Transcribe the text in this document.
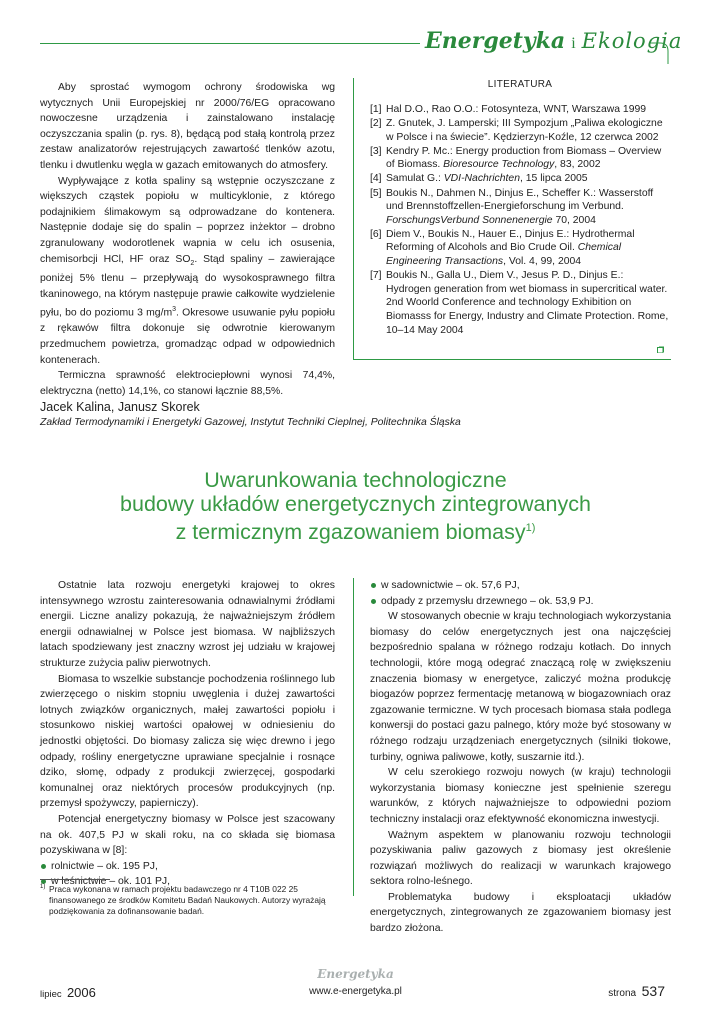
Energetyka i Ekologia

Aby sprostać wymogom ochrony środowiska wg wytycznych Unii Europejskiej nr 2000/76/EG opracowano nowoczesne urządzenia i zainstalowano instalację oczyszczania spalin (p. rys. 8), będącą pod stałą kontrolą przez zestaw analizatorów rejestrujących zawartość tlenków azotu, tlenku i dwutlenku węgla w gazach emitowanych do atmosfery.

Wypływające z kotła spaliny są wstępnie oczyszczane z większych cząstek popiołu w multicyklonie, z którego podajnikiem ślimakowym są odprowadzane do kontenera. Następnie dodaje się do spalin – poprzez inżektor – drobno zgranulowany wodorotlenek wapnia w celu ich osusenia, chemisorbcji HCl, HF oraz $SO_2$. Stąd spaliny – zawierające poniżej 5% tlenu – przepływają do wysokosprawnego filtra tkaninowego, na którym następuje prawie całkowite wydzielenie pyłu, bo do poziomu 3 $mg/m^3$. Okresowe usuwanie pyłu popiołu z rękawów filtra dokonuje się odwrotnie kierowanym przedmuchem powietrza, gromadząc odpad w odpowiednich kontenerach.

Termiczna sprawność elektrociepłowni wynosi 74,4%, elektryczna (netto) 14,1%, co stanowi łącznie 88,5%.

LITERATURA
[1] Hal D.O., Rao O.O.: Fotosynteza, WNT, Warszawa 1999
[2] Z. Gnutek, J. Lamperski; III Sympozjum „Paliwa ekologiczne w Polsce i na świecie”. Kędzierzyn-Koźle, 12 czerwca 2002
[3] Kendry P. Mc.: Energy production from Biomass – Overview of Biomass. Bioresource Technology, 83, 2002
[4] Samulat G.: VDI-Nachrichten, 15 lipca 2005
[5] Boukis N., Dahmen N., Dinjus E., Scheffer K.: Wasserstoff und Brennstoffzellen-Energieforschung im Verbund. ForschungsVerbund Sonnenenergie 70, 2004
[6] Diem V., Boukis N., Hauer E., Dinjus E.: Hydrothermal Reforming of Alcohols and Bio Crude Oil. Chemical Engineering Transactions, Vol. 4, 99, 2004
[7] Boukis N., Galla U., Diem V., Jesus P. D., Dinjus E.: Hydrogen generation from wet biomass in supercritical water. 2nd Woorld Conference and technology Exhibition on Biomasss for Energy, Industry and Climate Protection. Rome, 10–14 May 2004
Jacek Kalina, Janusz Skorek
Zakład Termodynamiki i Energetyki Gazowej, Instytut Techniki Cieplnej, Politechnika Śląska
Uwarunkowania technologiczne
budowy układów energetycznych zintegrowanych
z termicznym zgazowaniem biomasy$^{1)}$

Ostatnie lata rozwoju energetyki krajowej to okres intensywnego wzrostu zainteresowania odnawialnymi źródłami energii. Liczne analizy pokazują, że najważniejszym źródłem energii odnawialnej w Polsce jest biomasa. W najbliższych latach spodziewany jest znaczny wzrost jej udziału w krajowej strukturze zużycia paliw pierwotnych.

Biomasa to wszelkie substancje pochodzenia roślinnego lub zwierzęcego o niskim stopniu uwęglenia i dużej zawartości lotnych związków organicznych, małej zawartości popiołu i stosunkowo niskiej wartości opałowej w odniesieniu do jednostki objętości. Do biomasy zalicza się więc drewno i jego odpady, rośliny energetyczne uprawiane specjalnie i rosnące dziko, słomę, odpady z produkcji zwierzęcej, gospodarki komunalnej oraz niektórych procesów produkcyjnych (np. przemysł spożywczy, papierniczy).

Potencjał energetyczny biomasy w Polsce jest szacowany na ok. 407,5 PJ w skali roku, na co składa się biomasa pozyskiwana w [8]:

rolnictwie – ok. 195 PJ,
w leśnictwie – ok. 101 PJ,
w sadownictwie – ok. 57,6 PJ,
odpady z przemysłu drzewnego – ok. 53,9 PJ.

W stosowanych obecnie w kraju technologiach wykorzystania biomasy do celów energetycznych jest ona najczęściej bezpośrednio spalana w różnego rodzaju kotłach. Do innych technologii, które mogą odegrać znaczącą rolę w zwiększeniu znaczenia biomasy w energetyce, zaliczyć można produkcję biogazów poprzez fermentację metanową w biogazowniach oraz zgazowanie termiczne. W tych procesach biomasa stała podlega konwersji do postaci gazu palnego, który może być stosowany w różnego rodzaju urządzeniach energetycznych (silniki tłokowe, turbiny, ogniwa paliwowe, kotły, suszarnie itd.).

W celu szerokiego rozwoju nowych (w kraju) technologii wykorzystania biomasy konieczne jest spełnienie szeregu warunków, z których najważniejsze to odpowiedni poziom techniczny instalacji oraz efektywność ekonomiczna inwestycji.

Ważnym aspektem w planowaniu rozwoju technologii pozyskiwania paliw gazowych z biomasy jest określenie rozwiązań możliwych do realizacji w warunkach krajowego sektora rolno-leśnego.

Problematyka budowy i eksploatacji układów energetycznych, zintegrowanych ze zgazowaniem biomasy jest bardzo złożona.

1) Praca wykonana w ramach projektu badawczego nr 4 T10B 022 25 finansowanego ze środków Komitetu Badań Naukowych. Autorzy wyrażają podziękowania za dofinansowanie badań.
lipiec 2006
Energetyka
www.e-energetyka.pl	strona 537
